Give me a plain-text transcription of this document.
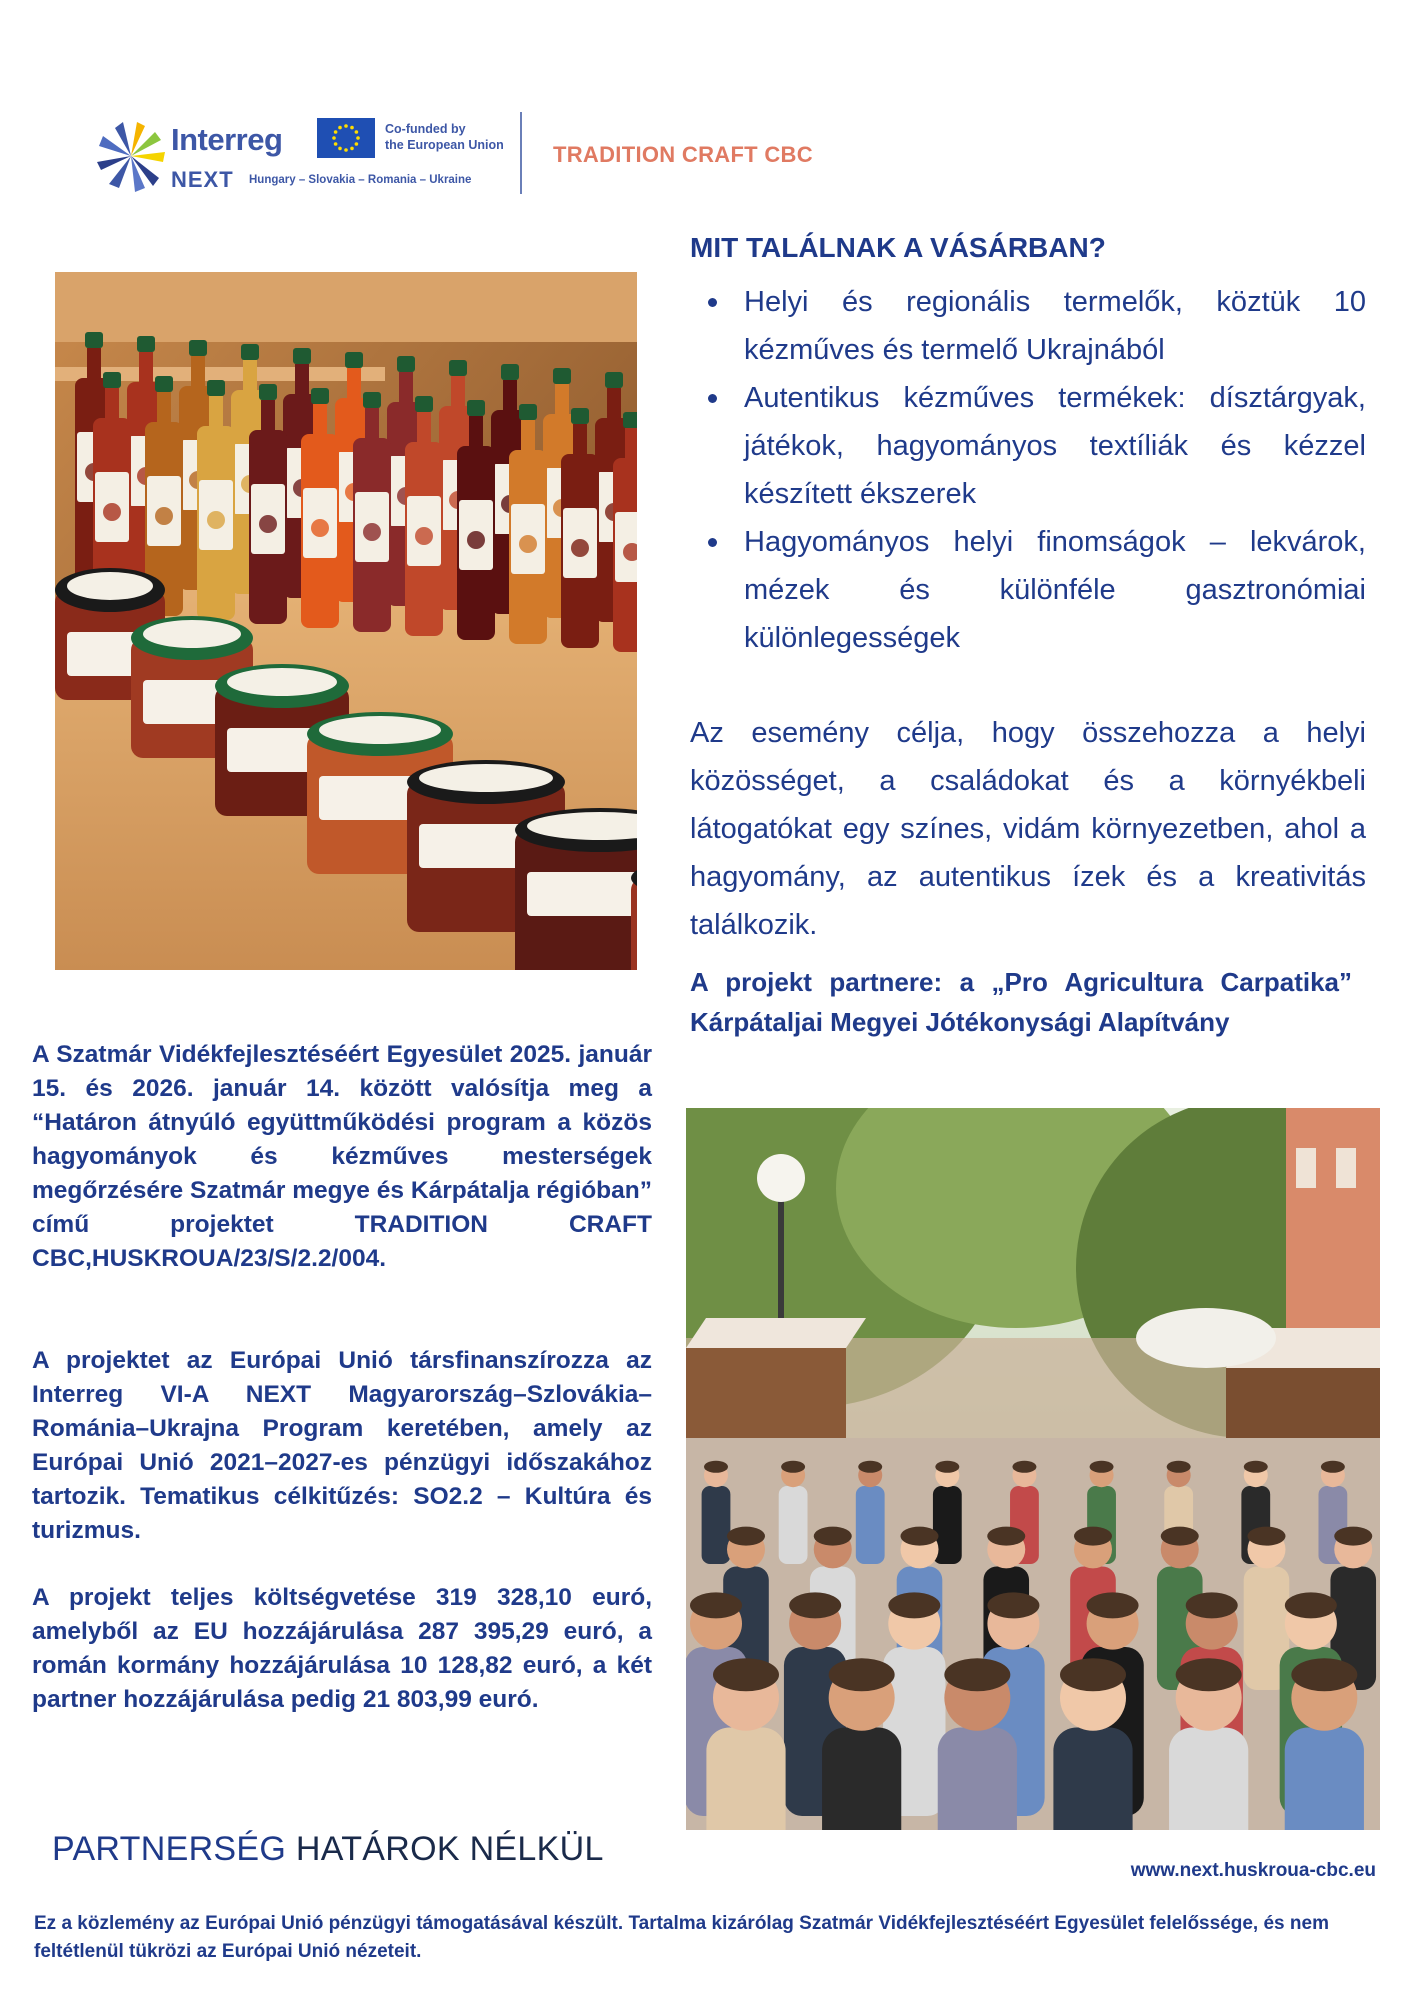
Interreg
NEXT Hungary – Slovakia – Romania – Ukraine
Co-funded by
the European Union TRADITION CRAFT CBC
MIT TALÁLNAK A VÁSÁRBAN?
Helyi és regionális termelők, köztük 10 kézműves és termelő Ukrajnából
Autentikus kézműves termékek: dísztárgyak, játékok, hagyományos textíliák és kézzel készített ékszerek
Hagyományos helyi finomságok – lekvárok, mézek és különféle gasztronómiai különlegességek
Az esemény célja, hogy összehozza a helyi közösséget, a családokat és a környékbeli látogatókat egy színes, vidám környezetben, ahol a hagyomány, az autentikus ízek és a kreativitás találkozik.
A projekt partnere: a „Pro Agricultura Carpatika” Kárpátaljai Megyei Jótékonysági Alapítvány
A Szatmár Vidékfejlesztéséért Egyesület 2025. január 15. és 2026. január 14. között valósítja meg a “Határon átnyúló együttműködési program a közös hagyományok és kézműves mesterségek megőrzésére Szatmár megye és Kárpátalja régióban” című projektet TRADITION CRAFT CBC,HUSKROUA/23/S/2.2/004.
A projektet az Európai Unió társfinanszírozza az Interreg VI-A NEXT Magyarország–Szlovákia–Románia–Ukrajna Program keretében, amely az Európai Unió 2021–2027-es pénzügyi időszakához tartozik. Tematikus célkitűzés: SO2.2 – Kultúra és turizmus.
A projekt teljes költségvetése 319 328,10 euró, amelyből az EU hozzájárulása 287 395,29 euró, a román kormány hozzájárulása 10 128,82 euró, a két partner hozzájárulása pedig 21 803,99 euró.
PARTNERSÉG HATÁROK NÉLKÜL
www.next.huskroua-cbc.eu
Ez a közlemény az Európai Unió pénzügyi támogatásával készült. Tartalma kizárólag Szatmár Vidékfejlesztéséért Egyesület felelőssége, és nem feltétlenül tükrözi az Európai Unió nézeteit.
